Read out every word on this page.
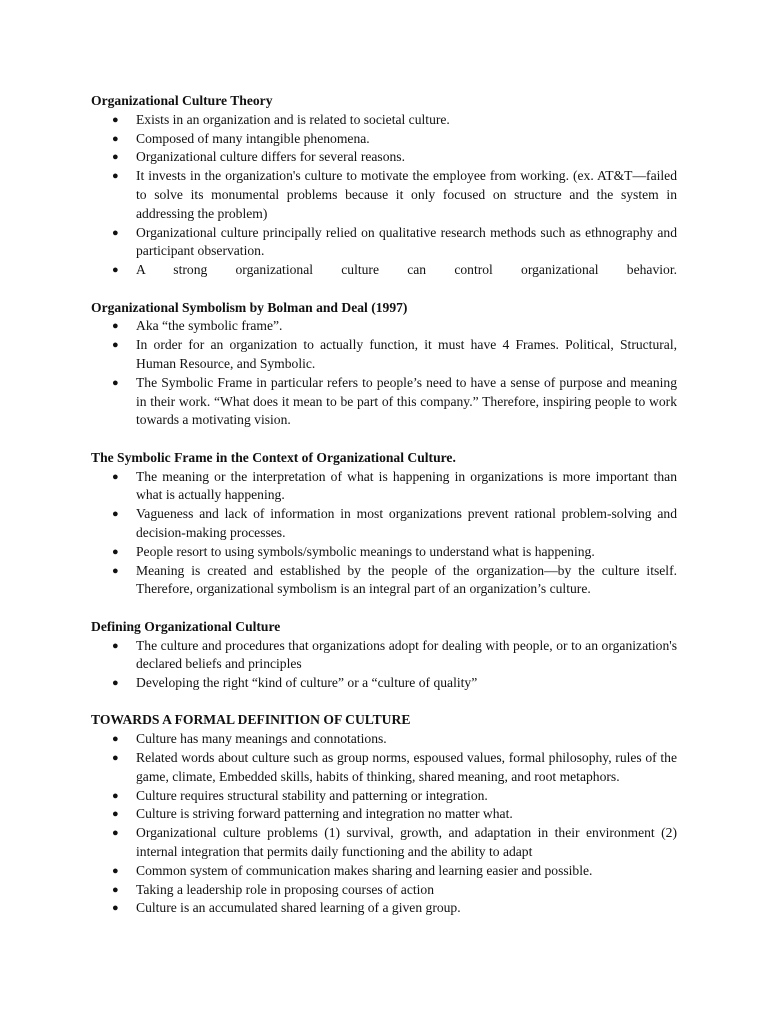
Organizational Culture Theory
● Exists in an organization and is related to societal culture.
● Composed of many intangible phenomena.
● Organizational culture differs for several reasons.
● It invests in the organization's culture to motivate the employee from working. (ex. AT&T—failed to solve its monumental problems because it only focused on structure and the system in addressing the problem)
● Organizational culture principally relied on qualitative research methods such as ethnography and participant observation.
● A strong organizational culture can control organizational behavior.
Organizational Symbolism by Bolman and Deal (1997)
● Aka “the symbolic frame”.
● In order for an organization to actually function, it must have 4 Frames. Political, Structural, Human Resource, and Symbolic.
● The Symbolic Frame in particular refers to people’s need to have a sense of purpose and meaning in their work. “What does it mean to be part of this company.” Therefore, inspiring people to work towards a motivating vision.
The Symbolic Frame in the Context of Organizational Culture.
● The meaning or the interpretation of what is happening in organizations is more important than what is actually happening.
● Vagueness and lack of information in most organizations prevent rational problem-solving and decision-making processes.
● People resort to using symbols/symbolic meanings to understand what is happening.
● Meaning is created and established by the people of the organization—by the culture itself. Therefore, organizational symbolism is an integral part of an organization’s culture.
Defining Organizational Culture
● The culture and procedures that organizations adopt for dealing with people, or to an organization's declared beliefs and principles
● Developing the right “kind of culture” or a “culture of quality”
TOWARDS A FORMAL DEFINITION OF CULTURE
● Culture has many meanings and connotations.
● Related words about culture such as group norms, espoused values, formal philosophy, rules of the game, climate, Embedded skills, habits of thinking, shared meaning, and root metaphors.
● Culture requires structural stability and patterning or integration.
● Culture is striving forward patterning and integration no matter what.
● Organizational culture problems (1) survival, growth, and adaptation in their environment (2) internal integration that permits daily functioning and the ability to adapt
● Common system of communication makes sharing and learning easier and possible.
● Taking a leadership role in proposing courses of action
● Culture is an accumulated shared learning of a given group.
